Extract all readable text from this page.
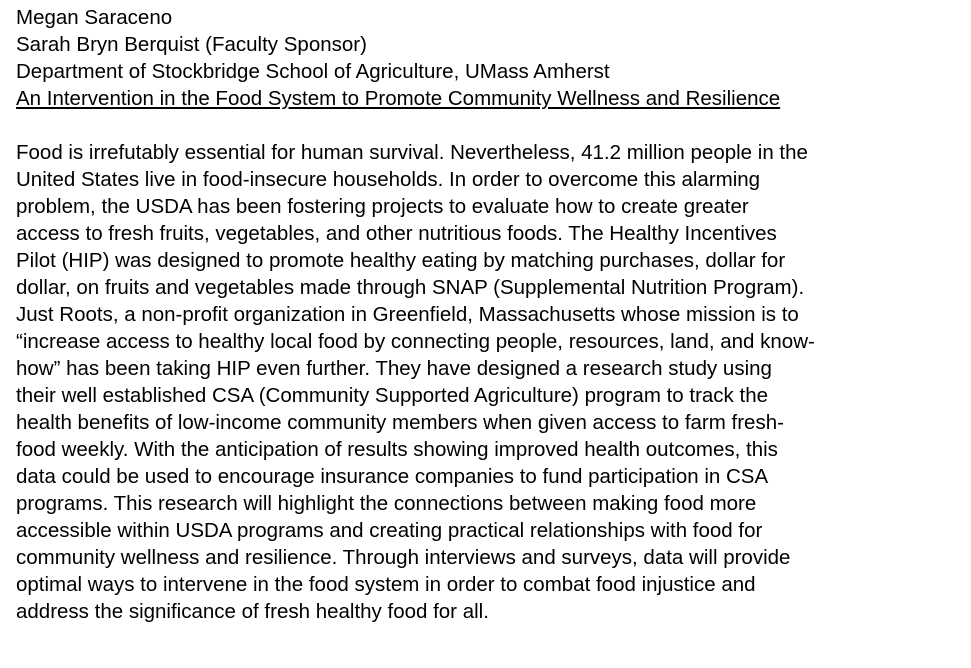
Megan Saraceno
Sarah Bryn Berquist (Faculty Sponsor)
Department of Stockbridge School of Agriculture, UMass Amherst
An Intervention in the Food System to Promote Community Wellness and Resilience

Food is irrefutably essential for human survival. Nevertheless, 41.2 million people in the

United States live in food-insecure households. In order to overcome this alarming

problem, the USDA has been fostering projects to evaluate how to create greater

access to fresh fruits, vegetables, and other nutritious foods. The Healthy Incentives

Pilot (HIP) was designed to promote healthy eating by matching purchases, dollar for

dollar, on fruits and vegetables made through SNAP (Supplemental Nutrition Program).

Just Roots, a non-profit organization in Greenfield, Massachusetts whose mission is to

“increase access to healthy local food by connecting people, resources, land, and know-

how” has been taking HIP even further. They have designed a research study using

their well established CSA (Community Supported Agriculture) program to track the

health benefits of low-income community members when given access to farm fresh-

food weekly. With the anticipation of results showing improved health outcomes, this

data could be used to encourage insurance companies to fund participation in CSA

programs. This research will highlight the connections between making food more

accessible within USDA programs and creating practical relationships with food for

community wellness and resilience. Through interviews and surveys, data will provide

optimal ways to intervene in the food system in order to combat food injustice and

address the significance of fresh healthy food for all.
